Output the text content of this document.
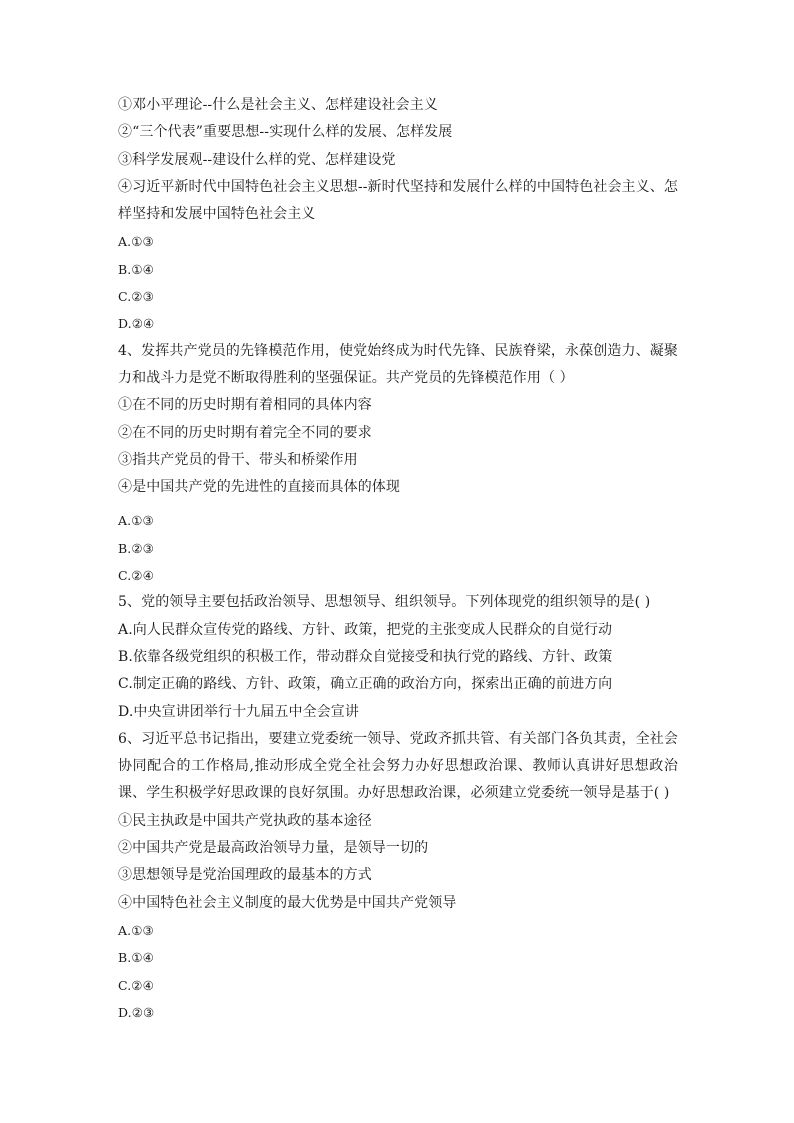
①邓小平理论--什么是社会主义、怎样建设社会主义
②“三个代表”重要思想--实现什么样的发展、怎样发展
③科学发展观--建设什么样的党、怎样建设党
④习近平新时代中国特色社会主义思想--新时代坚持和发展什么样的中国特色社会主义、怎样坚持和发展中国特色社会主义
A.①③
B.①④
C.②③
D.②④
4、发挥共产党员的先锋模范作用，使党始终成为时代先锋、民族脊梁，永葆创造力、凝聚力和战斗力是党不断取得胜利的坚强保证。共产党员的先锋模范作用（ ）
①在不同的历史时期有着相同的具体内容
②在不同的历史时期有着完全不同的要求
③指共产党员的骨干、带头和桥梁作用
④是中国共产党的先进性的直接而具体的体现
A.①③
B.②③
C.②④
5、党的领导主要包括政治领导、思想领导、组织领导。下列体现党的组织领导的是( )
A.向人民群众宣传党的路线、方针、政策，把党的主张变成人民群众的自觉行动
B.依靠各级党组织的积极工作，带动群众自觉接受和执行党的路线、方针、政策
C.制定正确的路线、方针、政策，确立正确的政治方向，探索出正确的前进方向
D.中央宣讲团举行十九届五中全会宣讲
6、习近平总书记指出，要建立党委统一领导、党政齐抓共管、有关部门各负其责，全社会协同配合的工作格局,推动形成全党全社会努力办好思想政治课、教师认真讲好思想政治课、学生积极学好思政课的良好氛围。办好思想政治课，必须建立党委统一领导是基于( )
①民主执政是中国共产党执政的基本途径
②中国共产党是最高政治领导力量，是领导一切的
③思想领导是党治国理政的最基本的方式
④中国特色社会主义制度的最大优势是中国共产党领导
A.①③
B.①④
C.②④
D.②③
